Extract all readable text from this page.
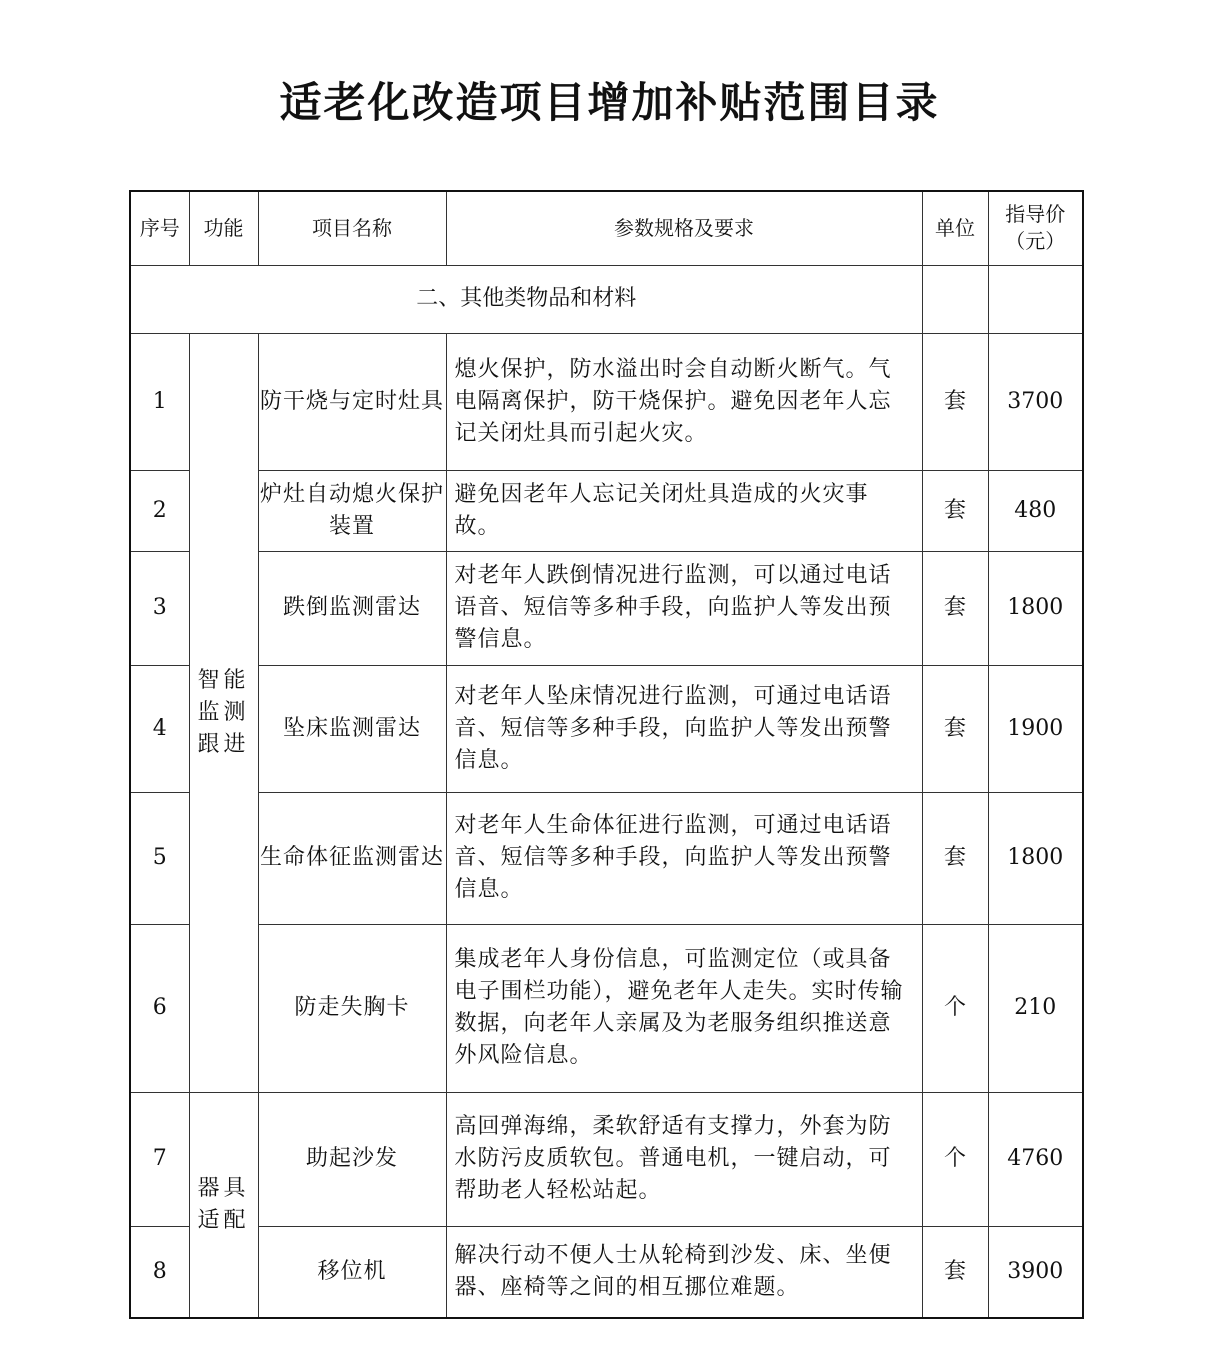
适老化改造项目增加补贴范围目录
序号	功能	项目名称	参数规格及要求	单位	指导价（元）
二、其他类物品和材料					
1	智能监测跟进	防干烧与定时灶具	熄火保护，防水溢出时会自动断火断气。气电隔离保护，防干烧保护。避免因老年人忘记关闭灶具而引起火灾。	套	3700
2		炉灶自动熄火保护装置	避免因老年人忘记关闭灶具造成的火灾事故。	套	480
3		跌倒监测雷达	对老年人跌倒情况进行监测，可以通过电话语音、短信等多种手段，向监护人等发出预警信息。	套	1800
4		坠床监测雷达	对老年人坠床情况进行监测，可通过电话语音、短信等多种手段，向监护人等发出预警信息。	套	1900
5		生命体征监测雷达	对老年人生命体征进行监测，可通过电话语音、短信等多种手段，向监护人等发出预警信息。	套	1800
6		防走失胸卡	集成老年人身份信息，可监测定位（或具备电子围栏功能），避免老年人走失。实时传输数据，向老年人亲属及为老服务组织推送意外风险信息。	个	210
7	器具适配	助起沙发	高回弹海绵，柔软舒适有支撑力，外套为防水防污皮质软包。普通电机，一键启动，可帮助老人轻松站起。	个	4760
8		移位机	解决行动不便人士从轮椅到沙发、床、坐便器、座椅等之间的相互挪位难题。	套	3900
